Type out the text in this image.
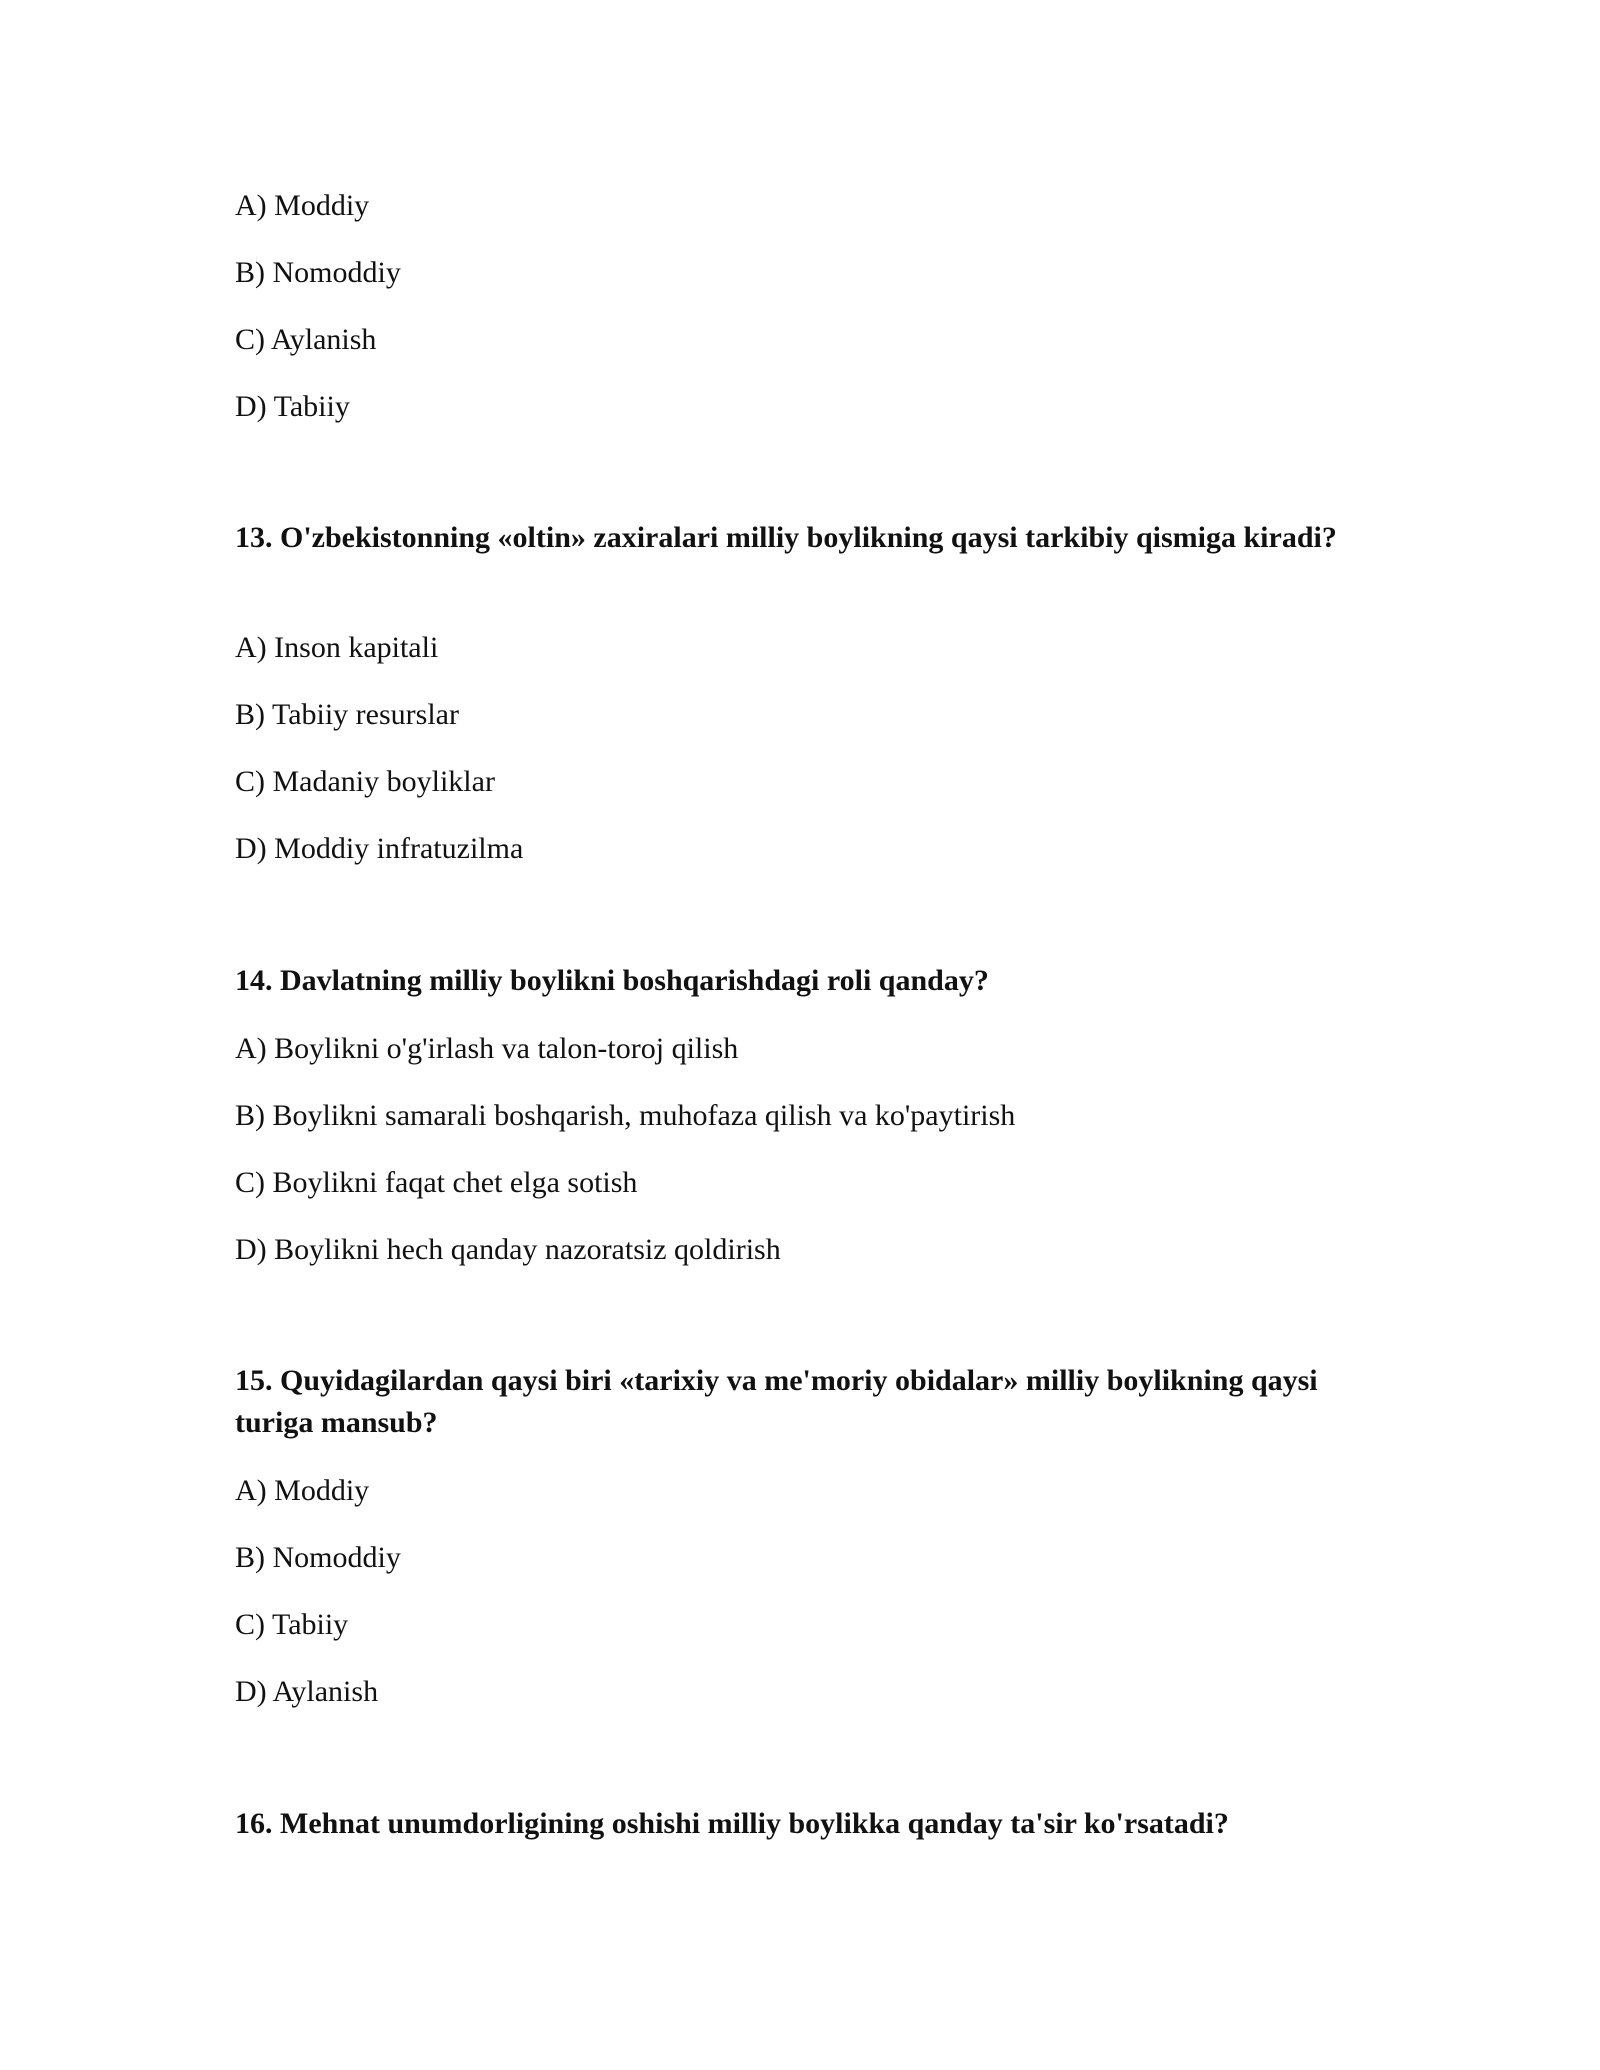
A) Moddiy
B) Nomoddiy
C) Aylanish
D) Tabiiy
13. O'zbekistonning «oltin» zaxiralari milliy boylikning qaysi tarkibiy qismiga kiradi?
A) Inson kapitali
B) Tabiiy resurslar
C) Madaniy boyliklar
D) Moddiy infratuzilma
14. Davlatning milliy boylikni boshqarishdagi roli qanday?
A) Boylikni o'g'irlash va talon-toroj qilish
B) Boylikni samarali boshqarish, muhofaza qilish va ko'paytirish
C) Boylikni faqat chet elga sotish
D) Boylikni hech qanday nazoratsiz qoldirish
15. Quyidagilardan qaysi biri «tarixiy va me'moriy obidalar» milliy boylikning qaysi turiga mansub?
A) Moddiy
B) Nomoddiy
C) Tabiiy
D) Aylanish
16. Mehnat unumdorligining oshishi milliy boylikka qanday ta'sir ko'rsatadi?
